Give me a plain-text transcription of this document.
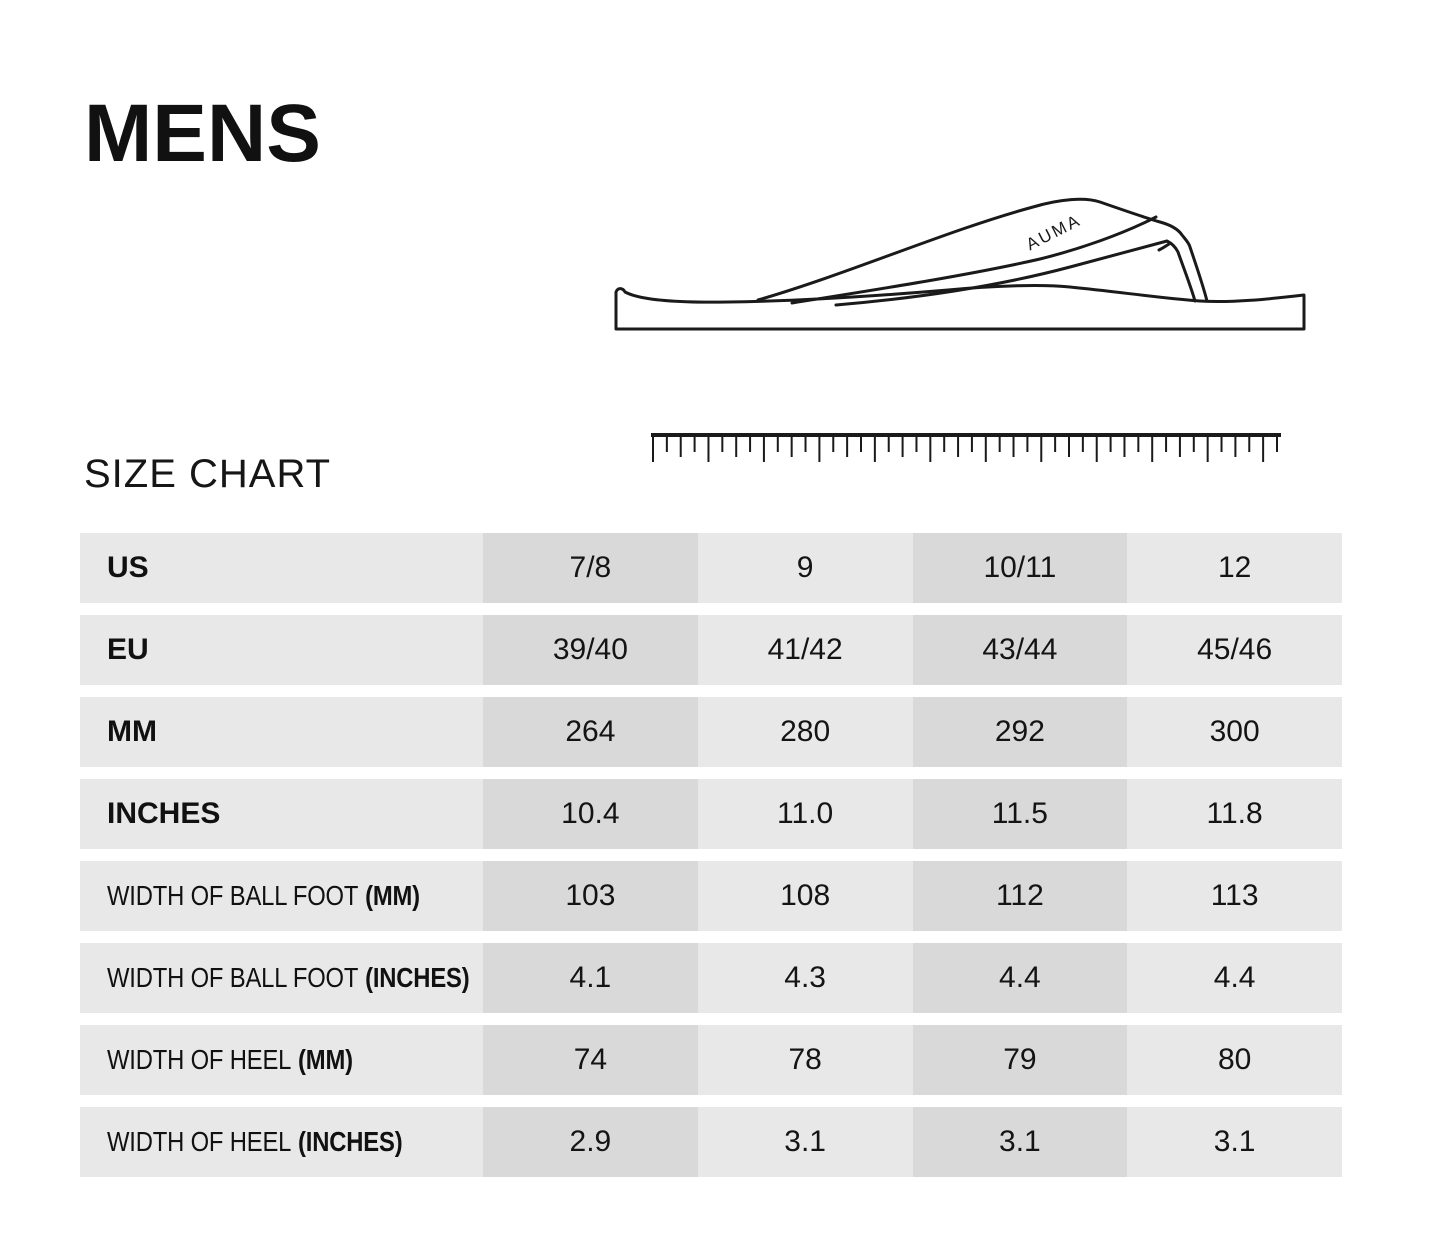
MENS
AUMA
SIZE CHART
US	7/8	9	10/11	12
EU	39/40	41/42	43/44	45/46
MM	264	280	292	300
INCHES	10.4	11.0	11.5	11.8
WIDTH OF BALL FOOT (MM)	103	108	112	113
WIDTH OF BALL FOOT (INCHES)	4.1	4.3	4.4	4.4
WIDTH OF HEEL (MM)	74	78	79	80
WIDTH OF HEEL (INCHES)	2.9	3.1	3.1	3.1
